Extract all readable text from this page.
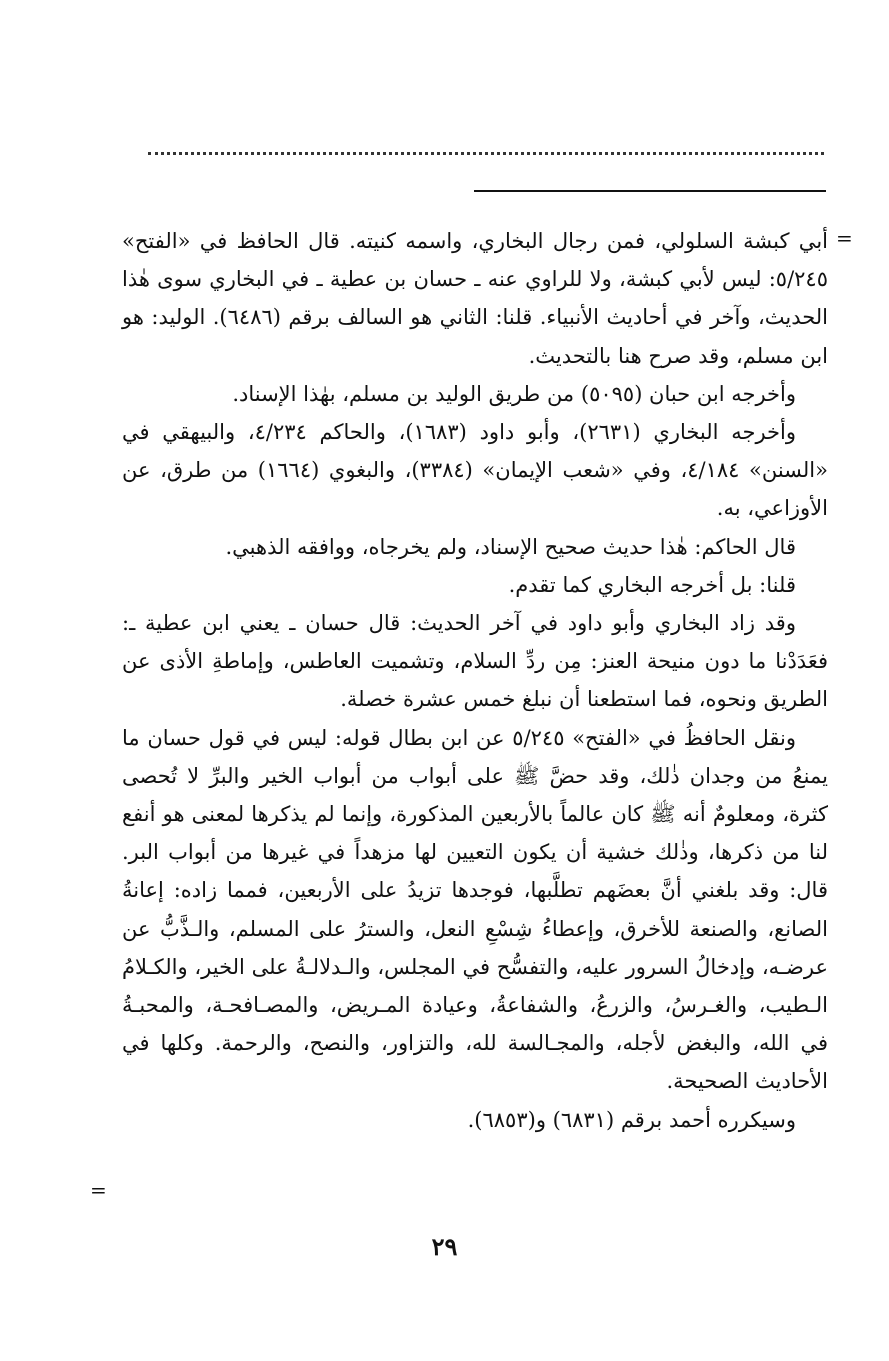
=

أبي كبشة السلولي، فمن رجال البخاري، واسمه كنيته. قال الحافظ في «الفتح» ٥/٢٤٥: ليس لأبي كبشة، ولا للراوي عنه ـ حسان بن عطية ـ في البخاري سوى هٰذا الحديث، وآخر في أحاديث الأنبياء. قلنا: الثاني هو السالف برقم (٦٤٨٦). الوليد: هو ابن مسلم، وقد صرح هنا بالتحديث.

وأخرجه ابن حبان (٥٠٩٥) من طريق الوليد بن مسلم، بهٰذا الإسناد.

وأخرجه البخاري (٢٦٣١)، وأبو داود (١٦٨٣)، والحاكم ٤/٢٣٤، والبيهقي في «السنن» ٤/١٨٤، وفي «شعب الإيمان» (٣٣٨٤)، والبغوي (١٦٦٤) من طرق، عن الأوزاعي، به.

قال الحاكم: هٰذا حديث صحيح الإسناد، ولم يخرجاه، ووافقه الذهبي.

قلنا: بل أخرجه البخاري كما تقدم.

وقد زاد البخاري وأبو داود في آخر الحديث: قال حسان ـ يعني ابن عطية ـ: فعَدَدْنا ما دون منيحة العنز: مِن ردِّ السلام، وتشميت العاطس، وإماطةِ الأذى عن الطريق ونحوه، فما استطعنا أن نبلغ خمس عشرة خصلة.

ونقل الحافظُ في «الفتح» ٥/٢٤٥ عن ابن بطال قوله: ليس في قول حسان ما يمنعُ من وجدان ذٰلك، وقد حضَّ ﷺ على أبواب من أبواب الخير والبرِّ لا تُحصى كثرة، ومعلومٌ أنه ﷺ كان عالماً بالأربعين المذكورة، وإنما لم يذكرها لمعنى هو أنفع لنا من ذكرها، وذٰلك خشية أن يكون التعيين لها مزهداً في غيرها من أبواب البر. قال: وقد بلغني أنَّ بعضَهم تطلَّبها، فوجدها تزيدُ على الأربعين، فمما زاده: إعانةُ الصانع، والصنعة للأخرق، وإعطاءُ شِسْعِ النعل، والسترُ على المسلم، والـذَّبُّ عن عرضـه، وإدخالُ السرور عليه، والتفسُّح في المجلس، والـدلالـةُ على الخير، والكـلامُ الـطيب، والغـرسُ، والزرعُ، والشفاعةُ، وعيادة المـريض، والمصـافحـة، والمحبـةُ في الله، والبغض لأجله، والمجـالسة لله، والتزاور، والنصح، والرحمة. وكلها في الأحاديث الصحيحة.

وسيكرره أحمد برقم (٦٨٣١) و(٦٨٥٣).

=
٢٩
